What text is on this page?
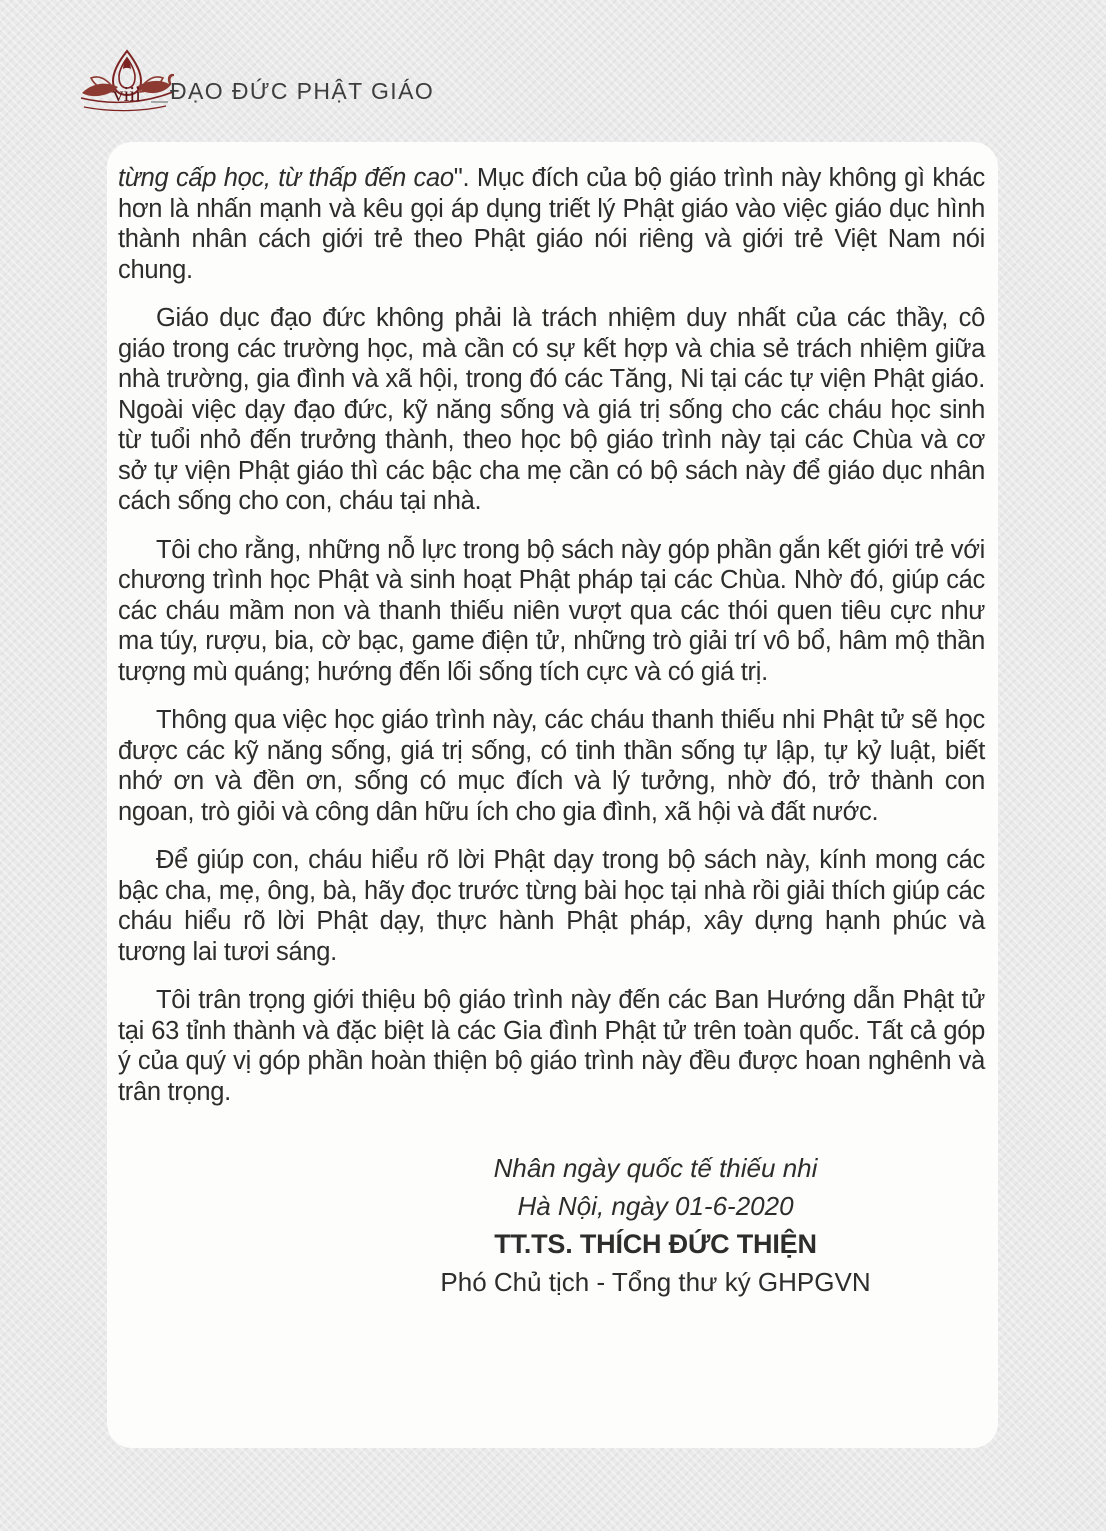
viii ĐẠO ĐỨC PHẬT GIÁO

từng cấp học, từ thấp đến cao". Mục đích của bộ giáo trình này không gì khác hơn là nhấn mạnh và kêu gọi áp dụng triết lý Phật giáo vào việc giáo dục hình thành nhân cách giới trẻ theo Phật giáo nói riêng và giới trẻ Việt Nam nói chung.

Giáo dục đạo đức không phải là trách nhiệm duy nhất của các thầy, cô giáo trong các trường học, mà cần có sự kết hợp và chia sẻ trách nhiệm giữa nhà trường, gia đình và xã hội, trong đó các Tăng, Ni tại các tự viện Phật giáo. Ngoài việc dạy đạo đức, kỹ năng sống và giá trị sống cho các cháu học sinh từ tuổi nhỏ đến trưởng thành, theo học bộ giáo trình này tại các Chùa và cơ sở tự viện Phật giáo thì các bậc cha mẹ cần có bộ sách này để giáo dục nhân cách sống cho con, cháu tại nhà.

Tôi cho rằng, những nỗ lực trong bộ sách này góp phần gắn kết giới trẻ với chương trình học Phật và sinh hoạt Phật pháp tại các Chùa. Nhờ đó, giúp các các cháu mầm non và thanh thiếu niên vượt qua các thói quen tiêu cực như ma túy, rượu, bia, cờ bạc, game điện tử, những trò giải trí vô bổ, hâm mộ thần tượng mù quáng; hướng đến lối sống tích cực và có giá trị.

Thông qua việc học giáo trình này, các cháu thanh thiếu nhi Phật tử sẽ học được các kỹ năng sống, giá trị sống, có tinh thần sống tự lập, tự kỷ luật, biết nhớ ơn và đền ơn, sống có mục đích và lý tưởng, nhờ đó, trở thành con ngoan, trò giỏi và công dân hữu ích cho gia đình, xã hội và đất nước.

Để giúp con, cháu hiểu rõ lời Phật dạy trong bộ sách này, kính mong các bậc cha, mẹ, ông, bà, hãy đọc trước từng bài học tại nhà rồi giải thích giúp các cháu hiểu rõ lời Phật dạy, thực hành Phật pháp, xây dựng hạnh phúc và tương lai tươi sáng.

Tôi trân trọng giới thiệu bộ giáo trình này đến các Ban Hướng dẫn Phật tử tại 63 tỉnh thành và đặc biệt là các Gia đình Phật tử trên toàn quốc. Tất cả góp ý của quý vị góp phần hoàn thiện bộ giáo trình này đều được hoan nghênh và trân trọng.

Nhân ngày quốc tế thiếu nhi
Hà Nội, ngày 01-6-2020
TT.TS. THÍCH ĐỨC THIỆN
Phó Chủ tịch - Tổng thư ký GHPGVN
